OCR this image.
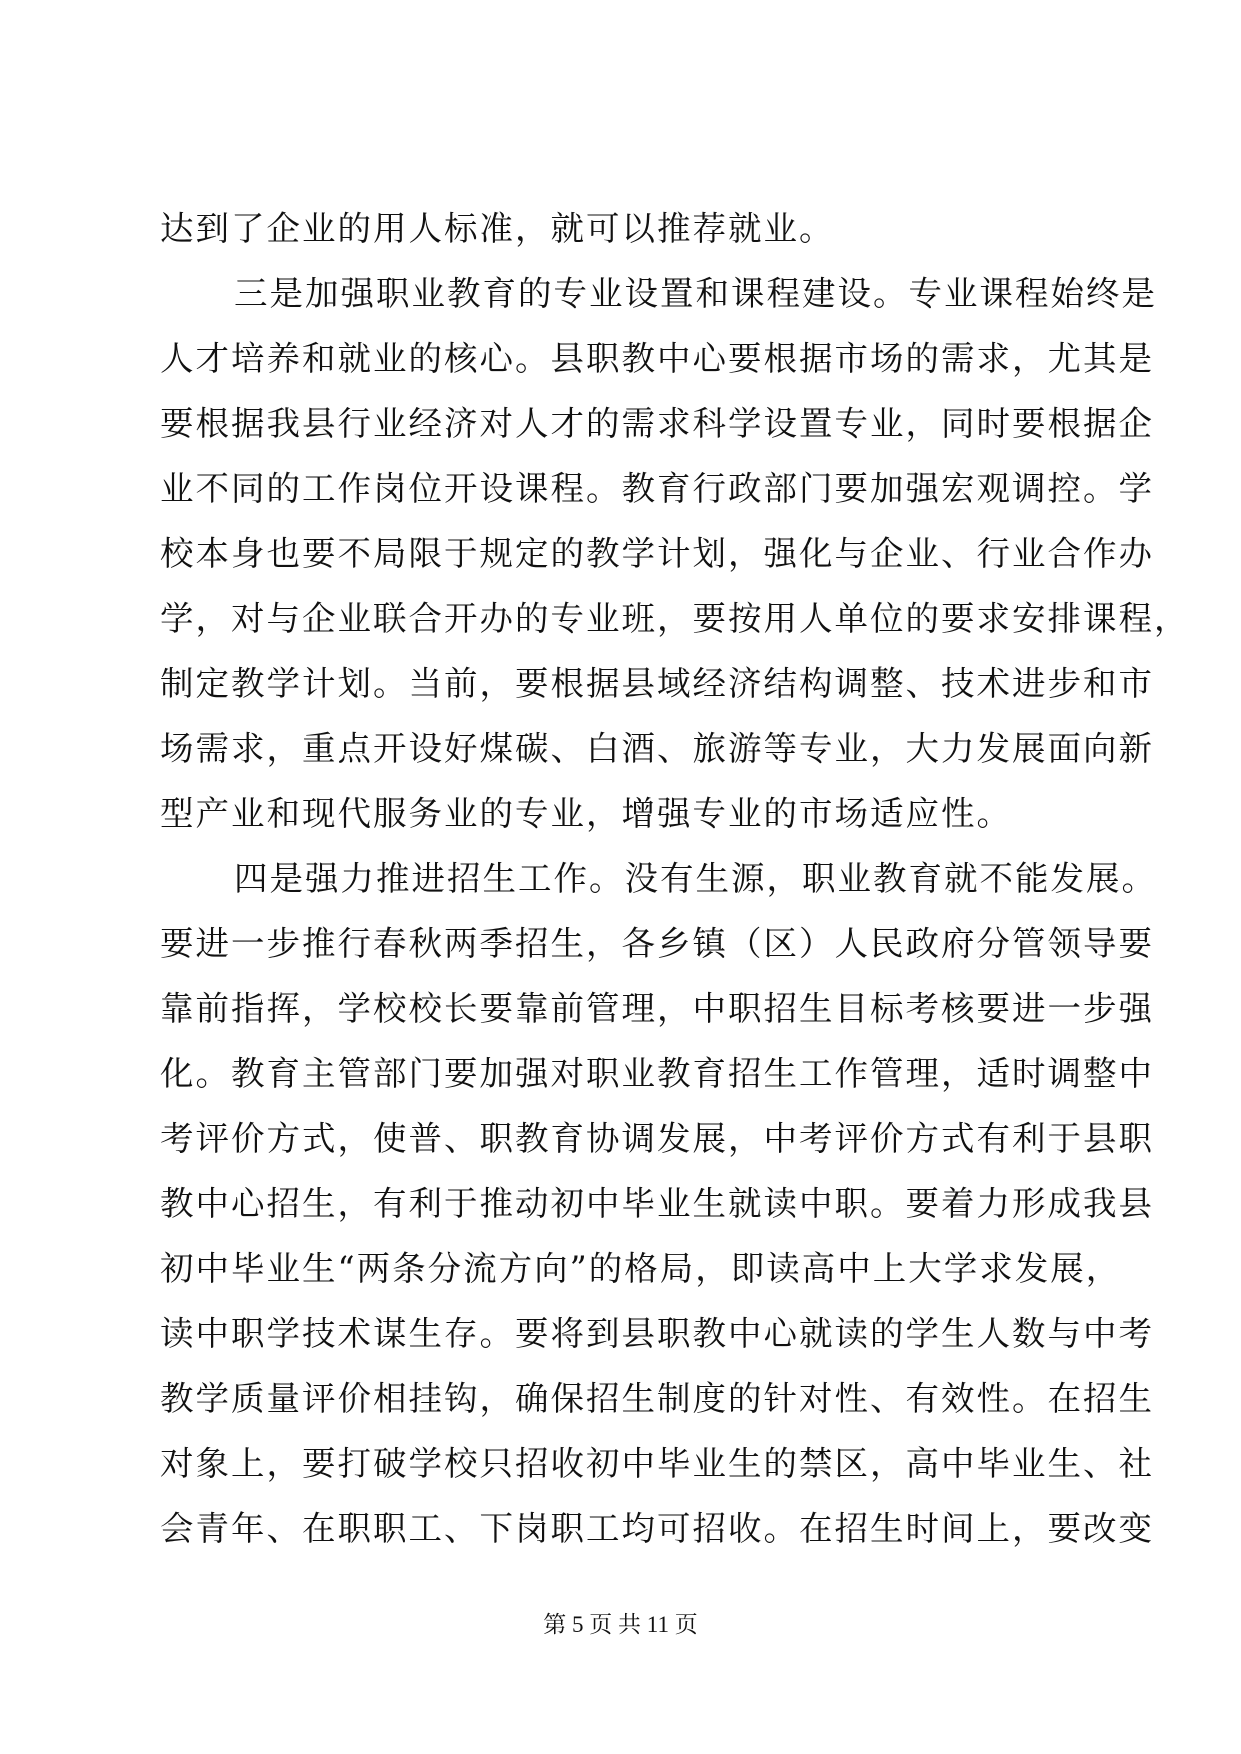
达到了企业的用人标准，就可以推荐就业。
三是加强职业教育的专业设置和课程建设。专业课程始终是
人才培养和就业的核心。县职教中心要根据市场的需求，尤其是
要根据我县行业经济对人才的需求科学设置专业，同时要根据企
业不同的工作岗位开设课程。教育行政部门要加强宏观调控。学
校本身也要不局限于规定的教学计划，强化与企业、行业合作办
学，对与企业联合开办的专业班，要按用人单位的要求安排课程，
制定教学计划。当前，要根据县域经济结构调整、技术进步和市
场需求，重点开设好煤碳、白酒、旅游等专业，大力发展面向新
型产业和现代服务业的专业，增强专业的市场适应性。
四是强力推进招生工作。没有生源，职业教育就不能发展。
要进一步推行春秋两季招生，各乡镇（区）人民政府分管领导要
靠前指挥，学校校长要靠前管理，中职招生目标考核要进一步强
化。教育主管部门要加强对职业教育招生工作管理，适时调整中
考评价方式，使普、职教育协调发展，中考评价方式有利于县职
教中心招生，有利于推动初中毕业生就读中职。要着力形成我县
初中毕业生“两条分流方向”的格局，即读高中上大学求发展，
读中职学技术谋生存。要将到县职教中心就读的学生人数与中考
教学质量评价相挂钩，确保招生制度的针对性、有效性。在招生
对象上，要打破学校只招收初中毕业生的禁区，高中毕业生、社
会青年、在职职工、下岗职工均可招收。在招生时间上，要改变
第 5 页 共 11 页
